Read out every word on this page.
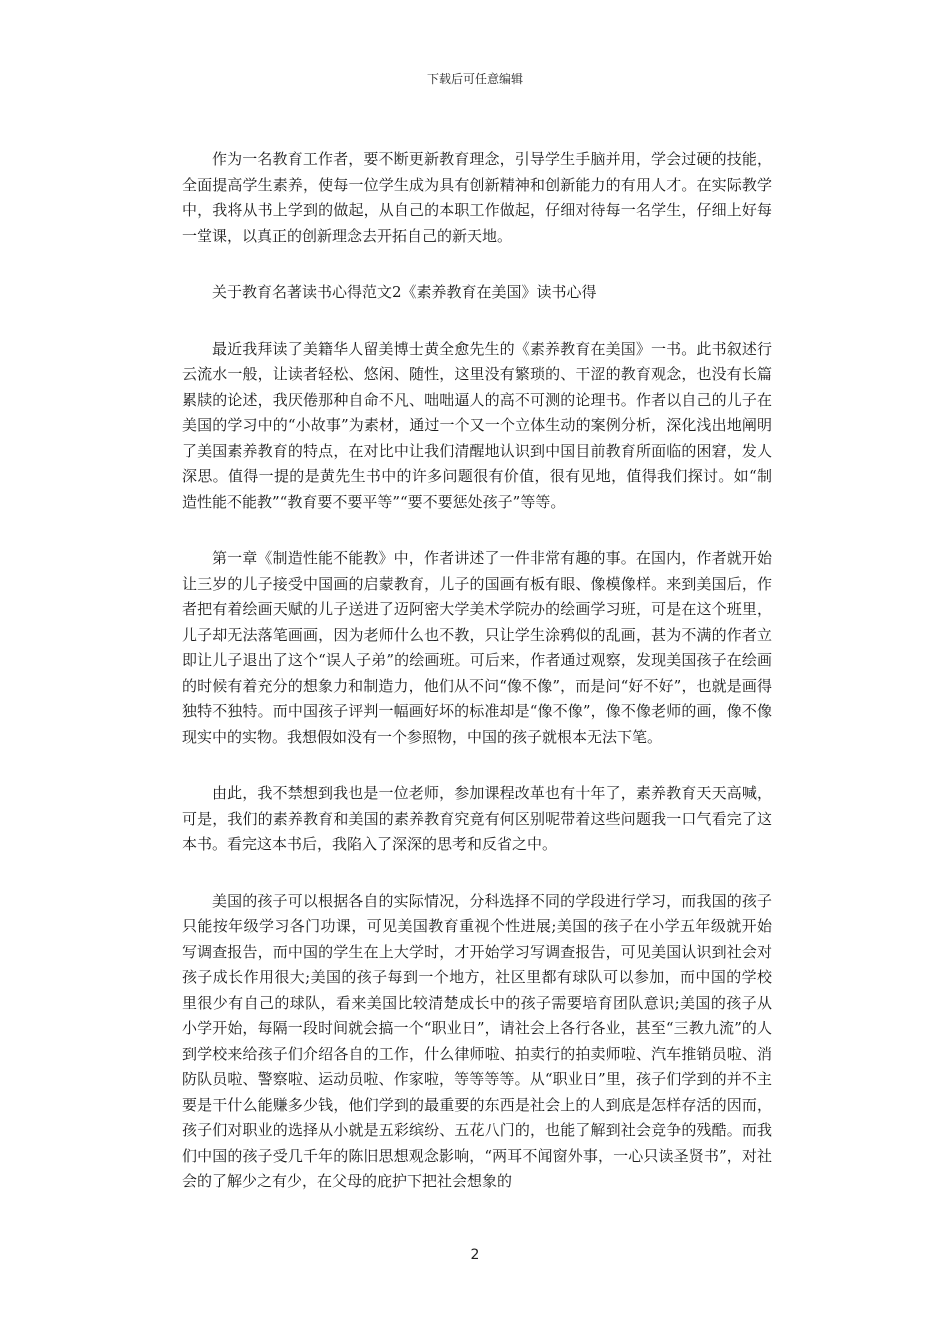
下载后可任意编辑

作为一名教育工作者，要不断更新教育理念，引导学生手脑并用，学会过硬的技能，全面提高学生素养，使每一位学生成为具有创新精神和创新能力的有用人才。在实际教学中，我将从书上学到的做起，从自己的本职工作做起，仔细对待每一名学生，仔细上好每一堂课，以真正的创新理念去开拓自己的新天地。

关于教育名著读书心得范文2《素养教育在美国》读书心得

最近我拜读了美籍华人留美博士黄全愈先生的《素养教育在美国》一书。此书叙述行云流水一般，让读者轻松、悠闲、随性，这里没有繁琐的、干涩的教育观念，也没有长篇累牍的论述，我厌倦那种自命不凡、咄咄逼人的高不可测的论理书。作者以自己的儿子在美国的学习中的“小故事”为素材，通过一个又一个立体生动的案例分析，深化浅出地阐明了美国素养教育的特点，在对比中让我们清醒地认识到中国目前教育所面临的困窘，发人深思。值得一提的是黄先生书中的许多问题很有价值，很有见地，值得我们探讨。如“制造性能不能教”“教育要不要平等”“要不要惩处孩子”等等。

第一章《制造性能不能教》中，作者讲述了一件非常有趣的事。在国内，作者就开始让三岁的儿子接受中国画的启蒙教育，儿子的国画有板有眼、像模像样。来到美国后，作者把有着绘画天赋的儿子送进了迈阿密大学美术学院办的绘画学习班，可是在这个班里，儿子却无法落笔画画，因为老师什么也不教，只让学生涂鸦似的乱画，甚为不满的作者立即让儿子退出了这个“误人子弟”的绘画班。可后来，作者通过观察，发现美国孩子在绘画的时候有着充分的想象力和制造力，他们从不问“像不像”，而是问“好不好”，也就是画得独特不独特。而中国孩子评判一幅画好坏的标准却是“像不像”，像不像老师的画，像不像现实中的实物。我想假如没有一个参照物，中国的孩子就根本无法下笔。

由此，我不禁想到我也是一位老师，参加课程改革也有十年了，素养教育天天高喊，可是，我们的素养教育和美国的素养教育究竟有何区别呢带着这些问题我一口气看完了这本书。看完这本书后，我陷入了深深的思考和反省之中。

美国的孩子可以根据各自的实际情况，分科选择不同的学段进行学习，而我国的孩子只能按年级学习各门功课，可见美国教育重视个性进展;美国的孩子在小学五年级就开始写调查报告，而中国的学生在上大学时，才开始学习写调查报告，可见美国认识到社会对孩子成长作用很大;美国的孩子每到一个地方，社区里都有球队可以参加，而中国的学校里很少有自己的球队，看来美国比较清楚成长中的孩子需要培育团队意识;美国的孩子从小学开始，每隔一段时间就会搞一个“职业日”，请社会上各行各业，甚至“三教九流”的人到学校来给孩子们介绍各自的工作，什么律师啦、拍卖行的拍卖师啦、汽车推销员啦、消防队员啦、警察啦、运动员啦、作家啦，等等等等。从“职业日”里，孩子们学到的并不主要是干什么能赚多少钱，他们学到的最重要的东西是社会上的人到底是怎样存活的因而，孩子们对职业的选择从小就是五彩缤纷、五花八门的，也能了解到社会竞争的残酷。而我们中国的孩子受几千年的陈旧思想观念影响，“两耳不闻窗外事，一心只读圣贤书”，对社会的了解少之有少，在父母的庇护下把社会想象的

2
